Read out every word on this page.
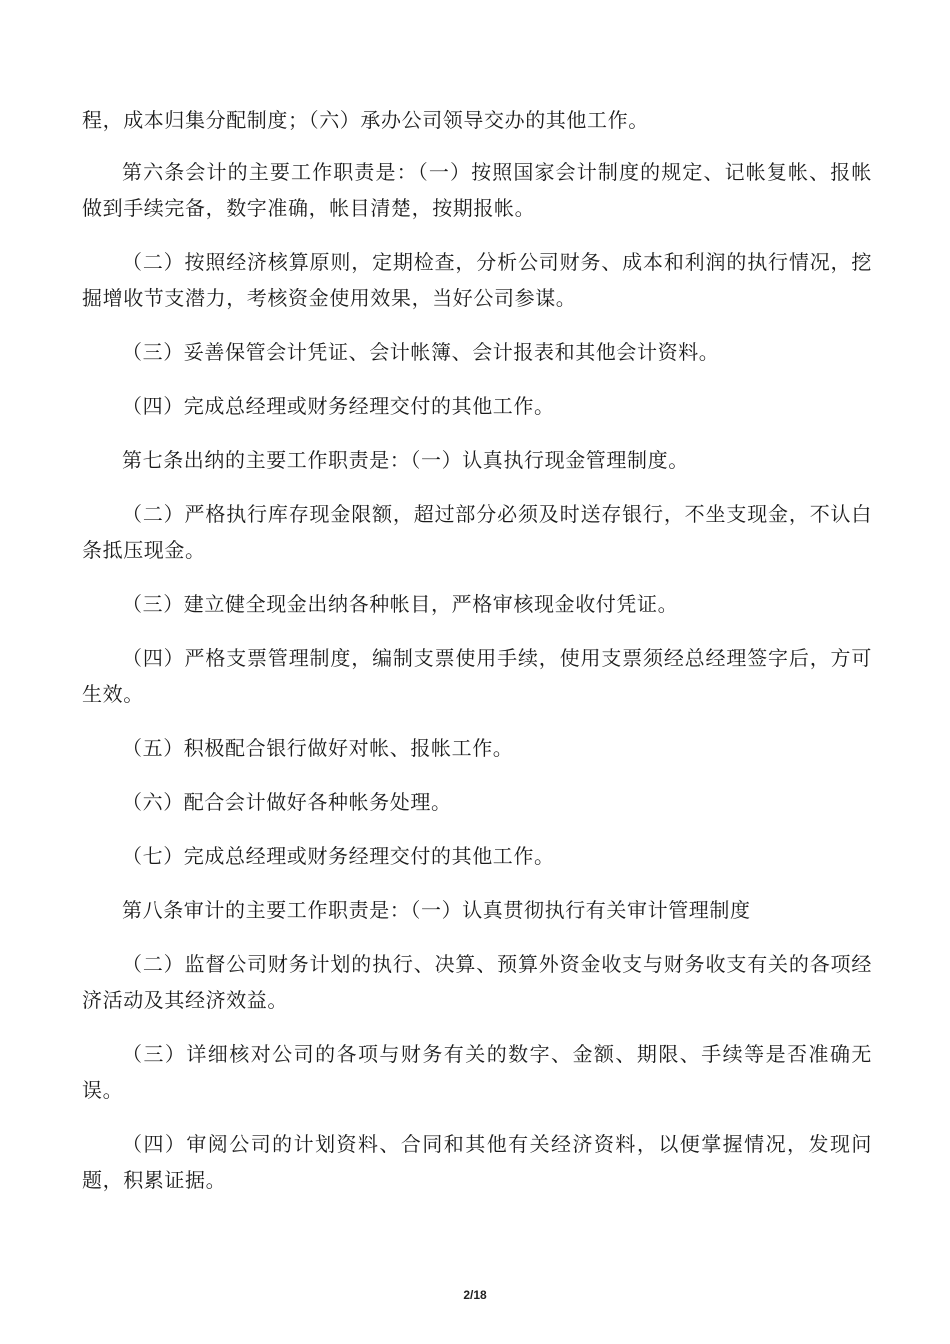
程，成本归集分配制度；（六）承办公司领导交办的其他工作。

第六条会计的主要工作职责是：（一）按照国家会计制度的规定、记帐复帐、报帐做到手续完备，数字准确，帐目清楚，按期报帐。

（二）按照经济核算原则，定期检查，分析公司财务、成本和利润的执行情况，挖掘增收节支潜力，考核资金使用效果，当好公司参谋。

（三）妥善保管会计凭证、会计帐簿、会计报表和其他会计资料。

（四）完成总经理或财务经理交付的其他工作。

第七条出纳的主要工作职责是：（一）认真执行现金管理制度。

（二）严格执行库存现金限额，超过部分必须及时送存银行，不坐支现金，不认白条抵压现金。

（三）建立健全现金出纳各种帐目，严格审核现金收付凭证。

（四）严格支票管理制度，编制支票使用手续，使用支票须经总经理签字后，方可生效。

（五）积极配合银行做好对帐、报帐工作。

（六）配合会计做好各种帐务处理。

（七）完成总经理或财务经理交付的其他工作。

第八条审计的主要工作职责是：（一）认真贯彻执行有关审计管理制度

（二）监督公司财务计划的执行、决算、预算外资金收支与财务收支有关的各项经济活动及其经济效益。

（三）详细核对公司的各项与财务有关的数字、金额、期限、手续等是否准确无误。

（四）审阅公司的计划资料、合同和其他有关经济资料，以便掌握情况，发现问题，积累证据。

2/18
